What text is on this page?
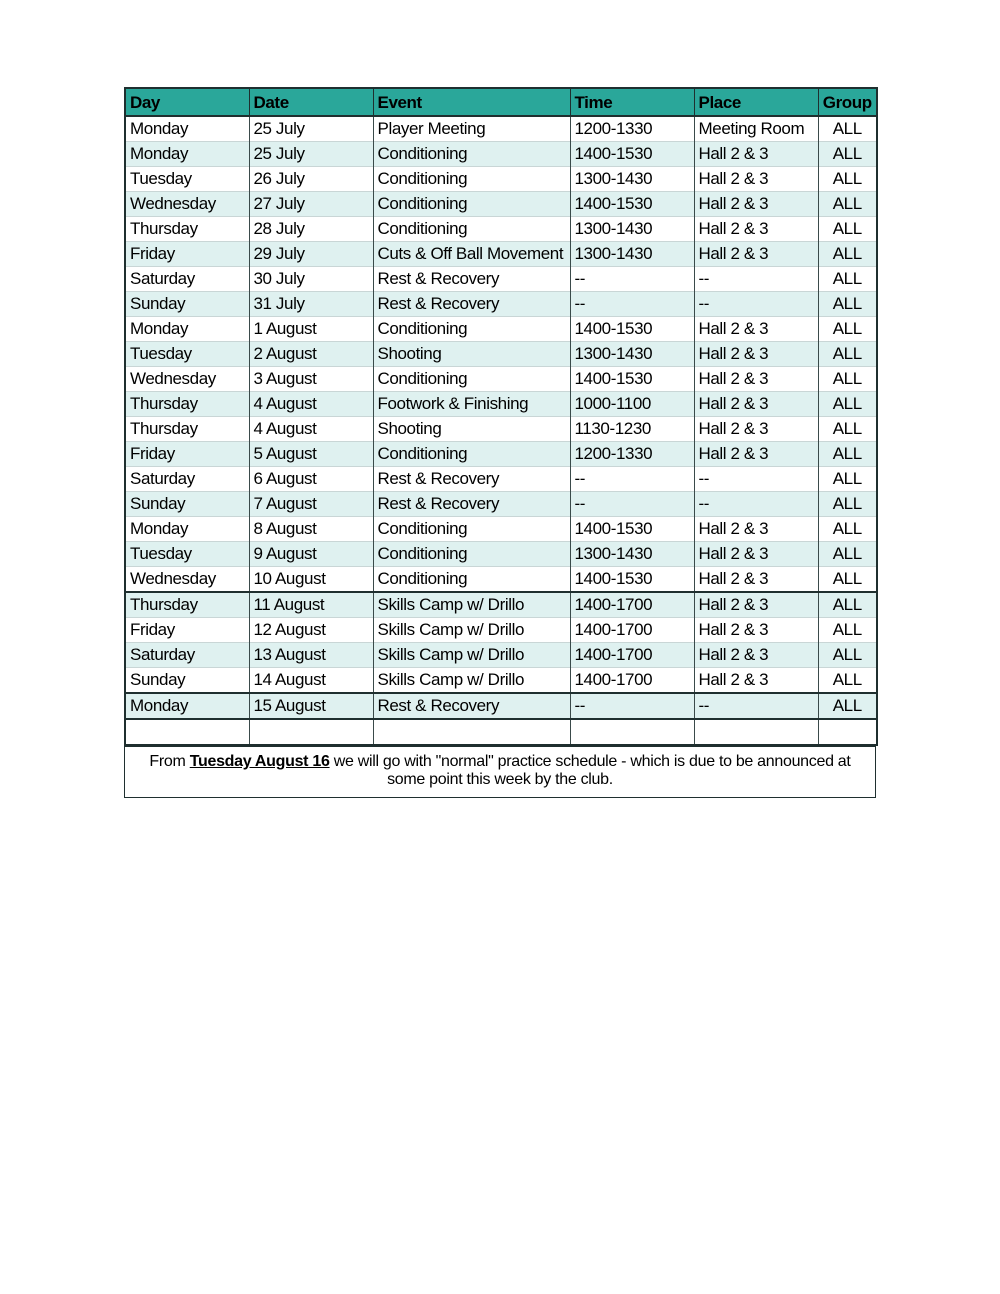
Day	Date	Event	Time	Place	Group
Monday	25 July	Player Meeting	1200-1330	Meeting Room	ALL
Monday	25 July	Conditioning	1400-1530	Hall 2 & 3	ALL
Tuesday	26 July	Conditioning	1300-1430	Hall 2 & 3	ALL
Wednesday	27 July	Conditioning	1400-1530	Hall 2 & 3	ALL
Thursday	28 July	Conditioning	1300-1430	Hall 2 & 3	ALL
Friday	29 July	Cuts & Off Ball Movement	1300-1430	Hall 2 & 3	ALL
Saturday	30 July	Rest & Recovery	--	--	ALL
Sunday	31 July	Rest & Recovery	--	--	ALL
Monday	1 August	Conditioning	1400-1530	Hall 2 & 3	ALL
Tuesday	2 August	Shooting	1300-1430	Hall 2 & 3	ALL
Wednesday	3 August	Conditioning	1400-1530	Hall 2 & 3	ALL
Thursday	4 August	Footwork & Finishing	1000-1100	Hall 2 & 3	ALL
Thursday	4 August	Shooting	1130-1230	Hall 2 & 3	ALL
Friday	5 August	Conditioning	1200-1330	Hall 2 & 3	ALL
Saturday	6 August	Rest & Recovery	--	--	ALL
Sunday	7 August	Rest & Recovery	--	--	ALL
Monday	8 August	Conditioning	1400-1530	Hall 2 & 3	ALL
Tuesday	9 August	Conditioning	1300-1430	Hall 2 & 3	ALL
Wednesday	10 August	Conditioning	1400-1530	Hall 2 & 3	ALL
Thursday	11 August	Skills Camp w/ Drillo	1400-1700	Hall 2 & 3	ALL
Friday	12 August	Skills Camp w/ Drillo	1400-1700	Hall 2 & 3	ALL
Saturday	13 August	Skills Camp w/ Drillo	1400-1700	Hall 2 & 3	ALL
Sunday	14 August	Skills Camp w/ Drillo	1400-1700	Hall 2 & 3	ALL
Monday	15 August	Rest & Recovery	--	--	ALL

From Tuesday August 16 we will go with "normal" practice schedule - which is due to be announced at some point this week by the club.
